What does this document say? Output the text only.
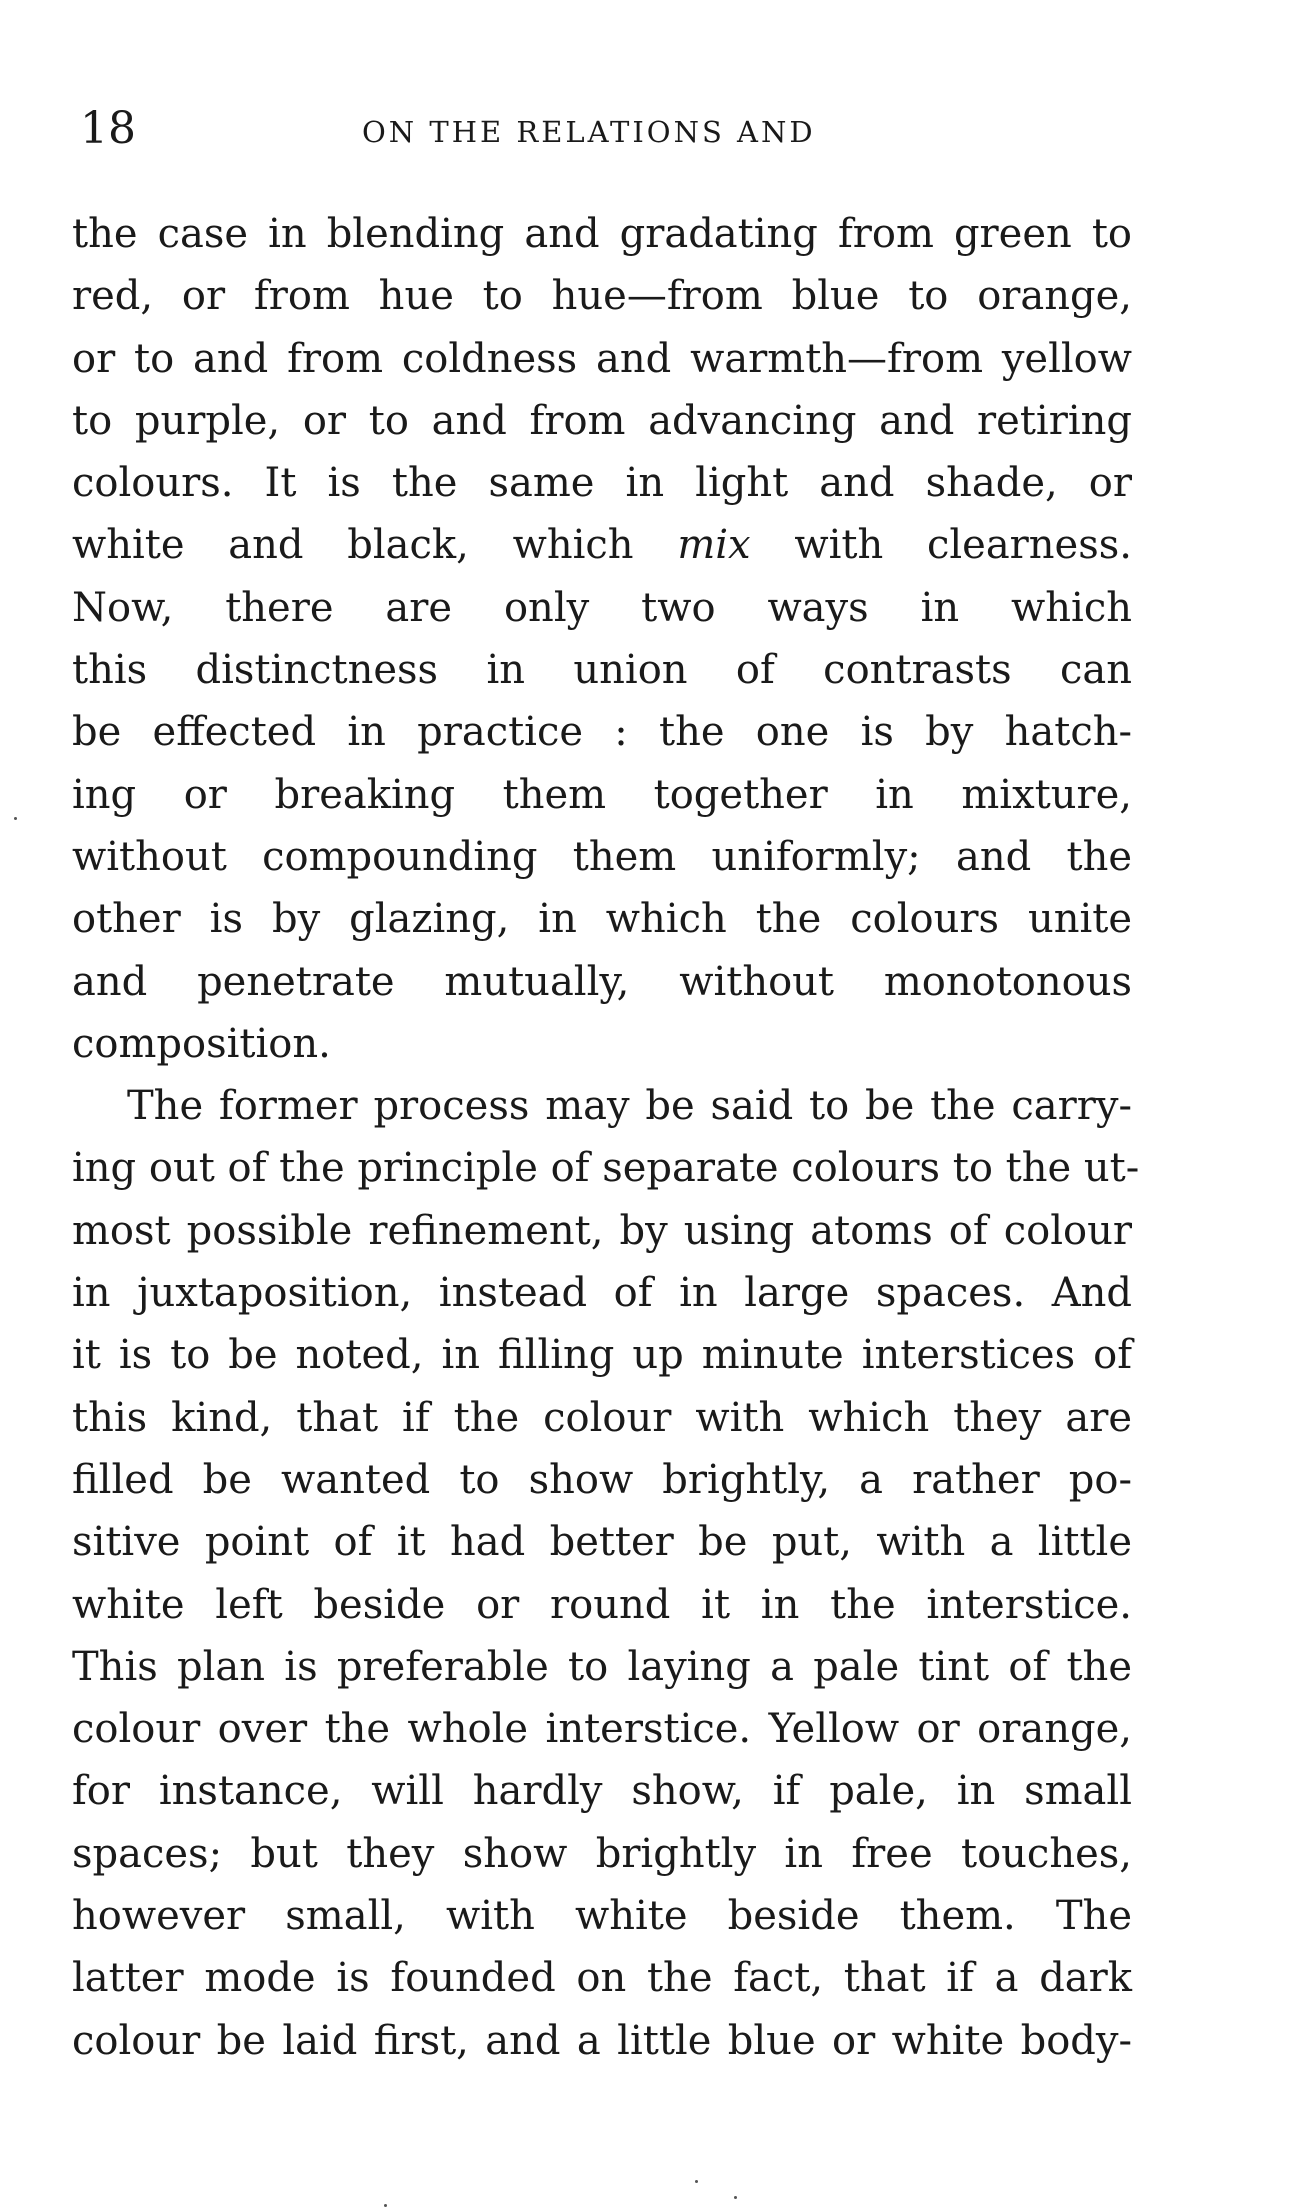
18	ON THE RELATIONS AND
the case in blending and gradating from green to
red, or from hue to hue—from blue to orange,
or to and from coldness and warmth—from yellow
to purple, or to and from advancing and retiring
colours. It is the same in light and shade, or
white and black, which mix with clearness.
Now, there are only two ways in which
this distinctness in union of contrasts can
be effected in practice : the one is by hatch-
ing or breaking them together in mixture,
without compounding them uniformly; and the
other is by glazing, in which the colours unite
and penetrate mutually, without monotonous
composition.
The former process may be said to be the carry-
ing out of the principle of separate colours to the ut-
most possible refinement, by using atoms of colour
in juxtaposition, instead of in large spaces. And
it is to be noted, in filling up minute interstices of
this kind, that if the colour with which they are
filled be wanted to show brightly, a rather po-
sitive point of it had better be put, with a little
white left beside or round it in the interstice.
This plan is preferable to laying a pale tint of the
colour over the whole interstice. Yellow or orange,
for instance, will hardly show, if pale, in small
spaces; but they show brightly in free touches,
however small, with white beside them. The
latter mode is founded on the fact, that if a dark
colour be laid first, and a little blue or white body-
